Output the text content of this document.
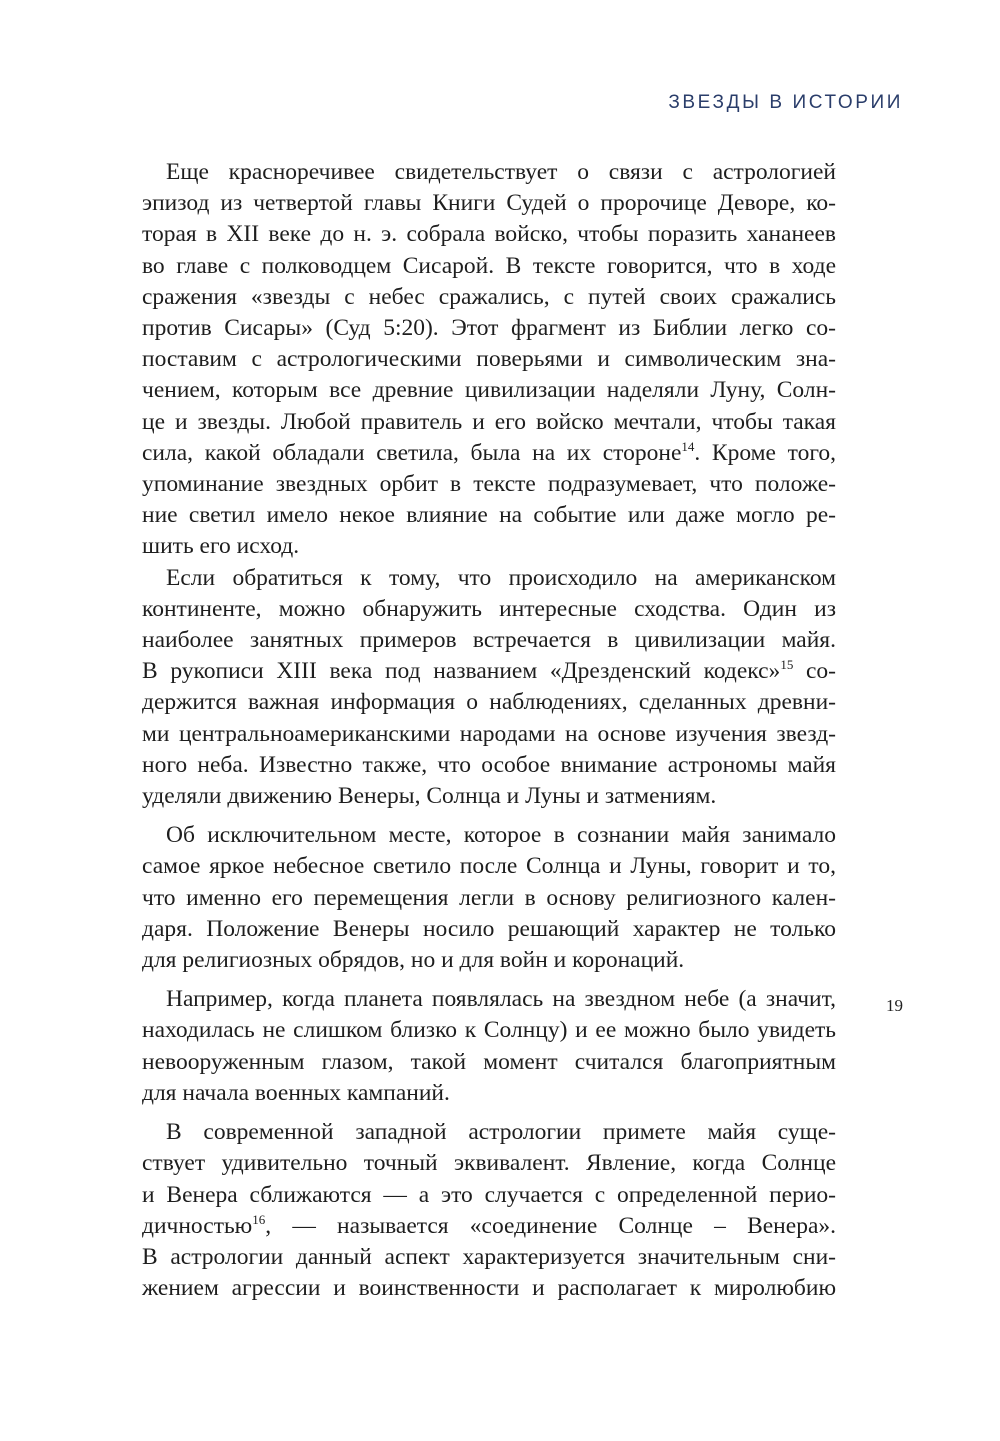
ЗВЕЗДЫ В ИСТОРИИ
Еще красноречивее свидетельствует о связи с астрологией
эпизод из четвертой главы Книги Судей о пророчице Деворе, ко-
торая в XII веке до н. э. собрала войско, чтобы поразить хананеев
во главе с полководцем Сисарой. В тексте говорится, что в ходе
сражения «звезды с небес сражались, с путей своих сражались
против Сисары» (Суд 5:20). Этот фрагмент из Библии легко со-
поставим с астрологическими поверьями и символическим зна-
чением, которым все древние цивилизации наделяли Луну, Солн-
це и звезды. Любой правитель и его войско мечтали, чтобы такая
сила, какой обладали светила, была на их стороне$^{14}$. Кроме того,
упоминание звездных орбит в тексте подразумевает, что положе-
ние светил имело некое влияние на событие или даже могло ре-
шить его исход.
Если обратиться к тому, что происходило на американском
континенте, можно обнаружить интересные сходства. Один из
наиболее занятных примеров встречается в цивилизации майя.
В рукописи XIII века под названием «Дрезденский кодекс»$^{15}$ со-
держится важная информация о наблюдениях, сделанных древни-
ми центральноамериканскими народами на основе изучения звезд-
ного неба. Известно также, что особое внимание астрономы майя
уделяли движению Венеры, Солнца и Луны и затмениям.
Об исключительном месте, которое в сознании майя занимало
самое яркое небесное светило после Солнца и Луны, говорит и то,
что именно его перемещения легли в основу религиозного кален-
даря. Положение Венеры носило решающий характер не только
для религиозных обрядов, но и для войн и коронаций.
Например, когда планета появлялась на звездном небе (а значит,
находилась не слишком близко к Солнцу) и ее можно было увидеть
невооруженным глазом, такой момент считался благоприятным
для начала военных кампаний.
В современной западной астрологии примете майя суще-
ствует удивительно точный эквивалент. Явление, когда Солнце
и Венера сближаются — а это случается с определенной перио-
дичностью$^{16}$, — называется «соединение Солнце – Венера».
В астрологии данный аспект характеризуется значительным сни-
жением агрессии и воинственности и располагает к миролюбию
19
